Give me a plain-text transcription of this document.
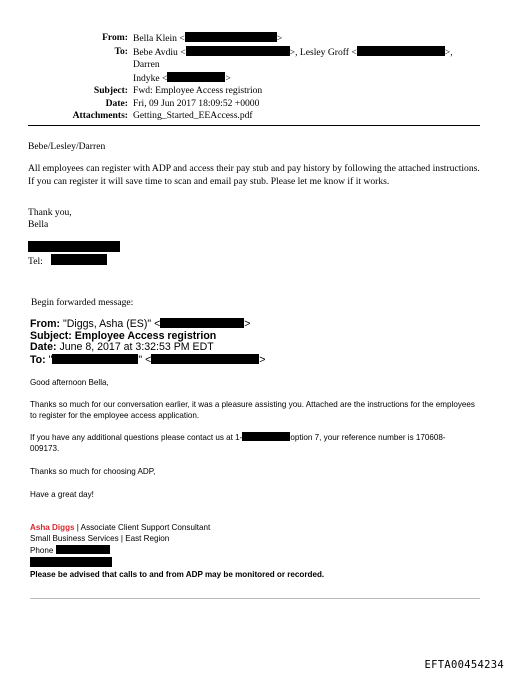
From: Bella Klein <	>
To: Bebe Avdiu <	>, Lesley Groff <	>, Darren
Indyke <	>
Subject: Fwd: Employee Access registrion
Date: Fri, 09 Jun 2017 18:09:52 +0000
Attachments: Getting_Started_EEAccess.pdf
Bebe/Lesley/Darren
All employees can register with ADP and access their pay stub and pay history by following the attached instructions. If you can register it will save time to scan and email pay stub. Please let me know if it works.
Thank you,
Bella
Tel:
Begin forwarded message:
From: "Diggs, Asha (ES)" <	>
Subject: Employee Access registrion
Date: June 8, 2017 at 3:32:53 PM EDT
To: "	" <	>
Good afternoon Bella,
Thanks so much for our conversation earlier, it was a pleasure assisting you. Attached are the instructions for the employees to register for the employee access application.
If you have any additional questions please contact us at 1-	option 7, your reference number is 170608-
009173.
Thanks so much for choosing ADP,
Have a great day!
Asha Diggs | Associate Client Support Consultant
Small Business Services | East Region
Phone
Please be advised that calls to and from ADP may be monitored or recorded.
EFTA00454234
